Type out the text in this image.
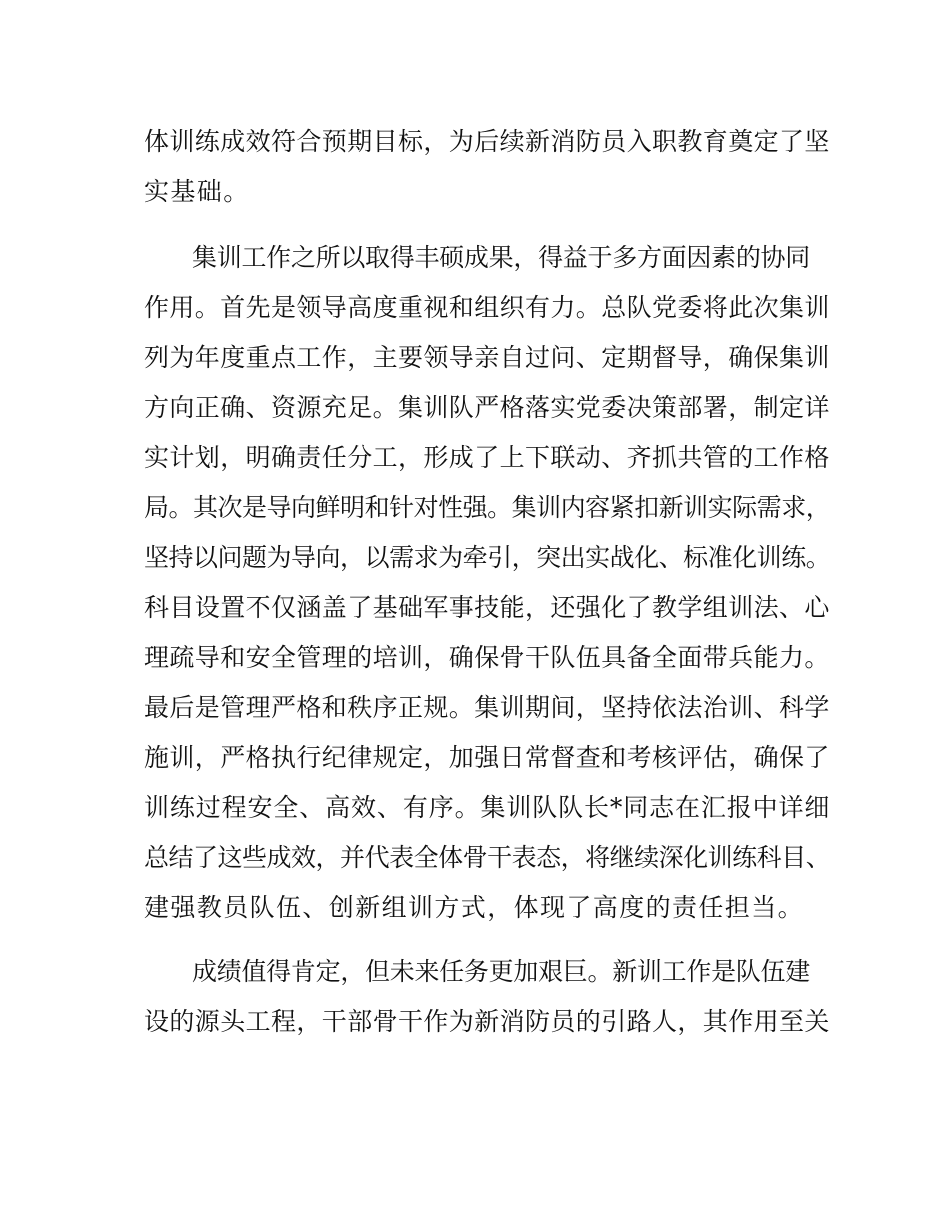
体训练成效符合预期目标，为后续新消防员入职教育奠定了坚
实基础。
集训工作之所以取得丰硕成果，得益于多方面因素的协同
作用。首先是领导高度重视和组织有力。总队党委将此次集训
列为年度重点工作，主要领导亲自过问、定期督导，确保集训
方向正确、资源充足。集训队严格落实党委决策部署，制定详
实计划，明确责任分工，形成了上下联动、齐抓共管的工作格
局。其次是导向鲜明和针对性强。集训内容紧扣新训实际需求，
坚持以问题为导向，以需求为牵引，突出实战化、标准化训练。
科目设置不仅涵盖了基础军事技能，还强化了教学组训法、心
理疏导和安全管理的培训，确保骨干队伍具备全面带兵能力。
最后是管理严格和秩序正规。集训期间，坚持依法治训、科学
施训，严格执行纪律规定，加强日常督查和考核评估，确保了
训练过程安全、高效、有序。集训队队长*同志在汇报中详细
总结了这些成效，并代表全体骨干表态，将继续深化训练科目、
建强教员队伍、创新组训方式，体现了高度的责任担当。
成绩值得肯定，但未来任务更加艰巨。新训工作是队伍建
设的源头工程，干部骨干作为新消防员的引路人，其作用至关
